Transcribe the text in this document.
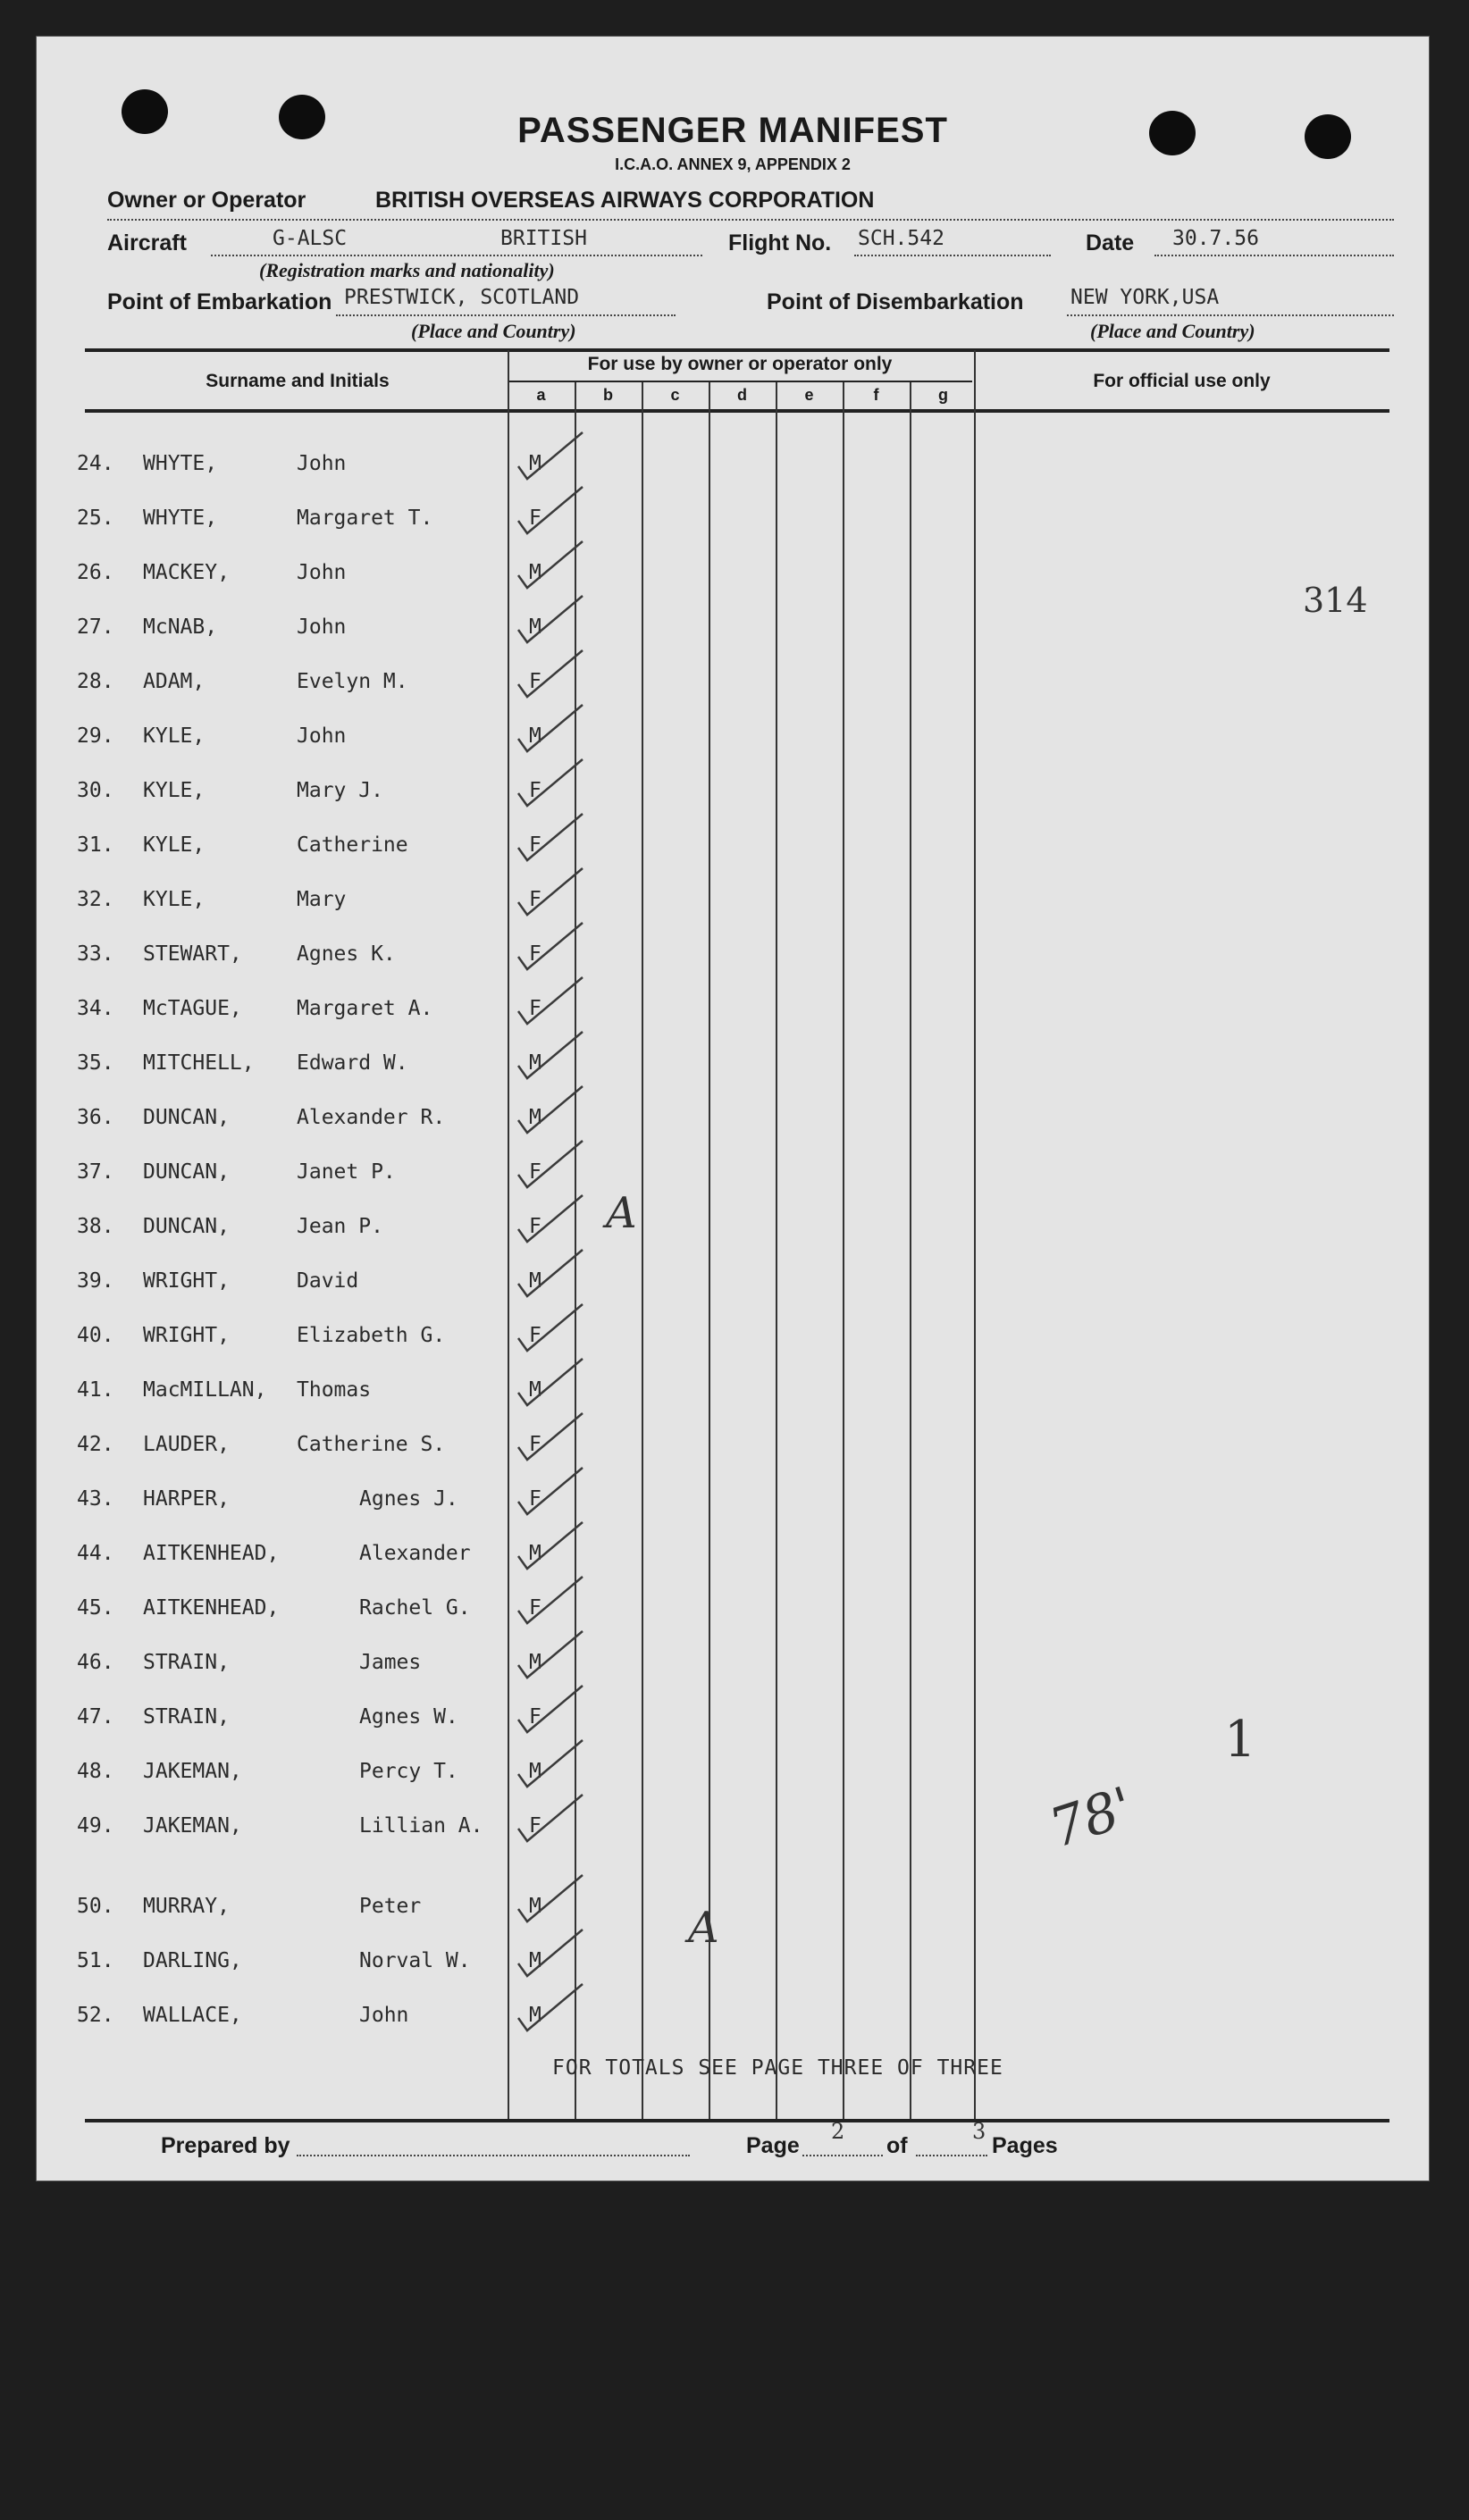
PASSENGER MANIFEST
I.C.A.O. ANNEX 9, APPENDIX 2
Owner or Operator	BRITISH OVERSEAS AIRWAYS CORPORATION
Aircraft	G-ALSC	BRITISH	Flight No. SCH.542	Date 30.7.56
(Registration marks and nationality)
Point of Embarkation PRESTWICK, SCOTLAND	Point of Disembarkation NEW YORK,USA
(Place and Country)	(Place and Country)
Surname and Initials
For use by owner or operator only
For official use only
a	b	c	d	e	f	g
24. WHYTE,	John	M
25. WHYTE,	Margaret T.	F
26. MACKEY,	John	M
27. McNAB,	John	M
28. ADAM,	Evelyn M.	F
29. KYLE,	John	M
30. KYLE,	Mary J.	F
31. KYLE,	Catherine	F
32. KYLE,	Mary	F
33. STEWART,	Agnes K.	F
34. McTAGUE,	Margaret A.	F
35. MITCHELL, Edward W.	M
36. DUNCAN,	Alexander R.	M
37. DUNCAN,	Janet P.	F
38. DUNCAN,	Jean P.	F
39. WRIGHT,	David	M
40. WRIGHT,	Elizabeth G.	F
41. MacMILLAN, Thomas	M
42. LAUDER,	Catherine S.	F
43. HARPER,	Agnes J.	F
44. AITKENHEAD,	Alexander	M
45. AITKENHEAD,	Rachel G.	F
46. STRAIN,	James	M
47. STRAIN,	Agnes W.	F
48. JAKEMAN,	Percy T.	M
49. JAKEMAN,	Lillian A. F
50. MURRAY,	Peter	M
51. DARLING,	Norval W.	M
52. WALLACE,	John	M
FOR TOTALS SEE PAGE THREE OF THREE
314
A
A
78'
1
Prepared by	Page
2
of
3
Pages
